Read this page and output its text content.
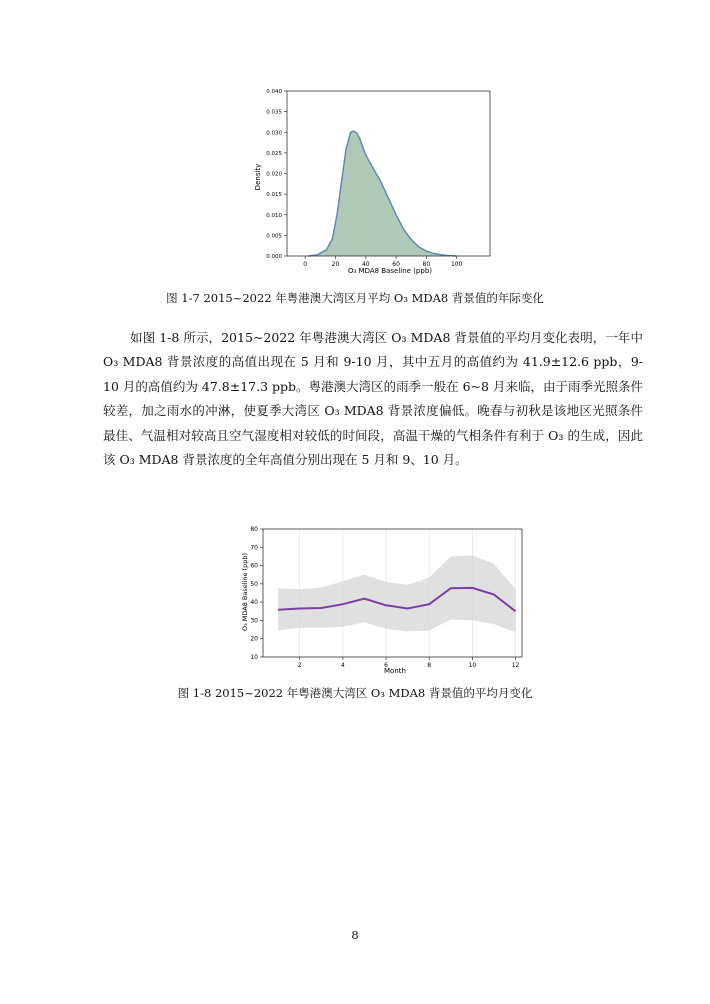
0	20	40	60	80	100
0.000
0.005
0.010
0.015
0.020
0.025
0.030
0.035
0.040
O₃ MDA8 Baseline (ppb)
Density
图 1-7 2015~2022 年粤港澳大湾区月平均 O₃ MDA8 背景值的年际变化

如图 1-8 所示，2015~2022 年粤港澳大湾区 O₃ MDA8 背景值的平均月变化表明，一年中 O₃ MDA8 背景浓度的高值出现在 5 月和 9-10 月，其中五月的高值约为 41.9±12.6 ppb，9-10 月的高值约为 47.8±17.3 ppb。粤港澳大湾区的雨季一般在 6~8 月来临，由于雨季光照条件较差，加之雨水的冲淋，使夏季大湾区 O₃ MDA8 背景浓度偏低。晚春与初秋是该地区光照条件最佳、气温相对较高且空气湿度相对较低的时间段，高温干燥的气相条件有利于 O₃ 的生成，因此该 O₃ MDA8 背景浓度的全年高值分别出现在 5 月和 9、10 月。

2	4	6	8	10	12
10
20
30
40
50
60
70
80
Month
O₃ MDA8 Baseline (ppb)
图 1-8 2015~2022 年粤港澳大湾区 O₃ MDA8 背景值的平均月变化
8
